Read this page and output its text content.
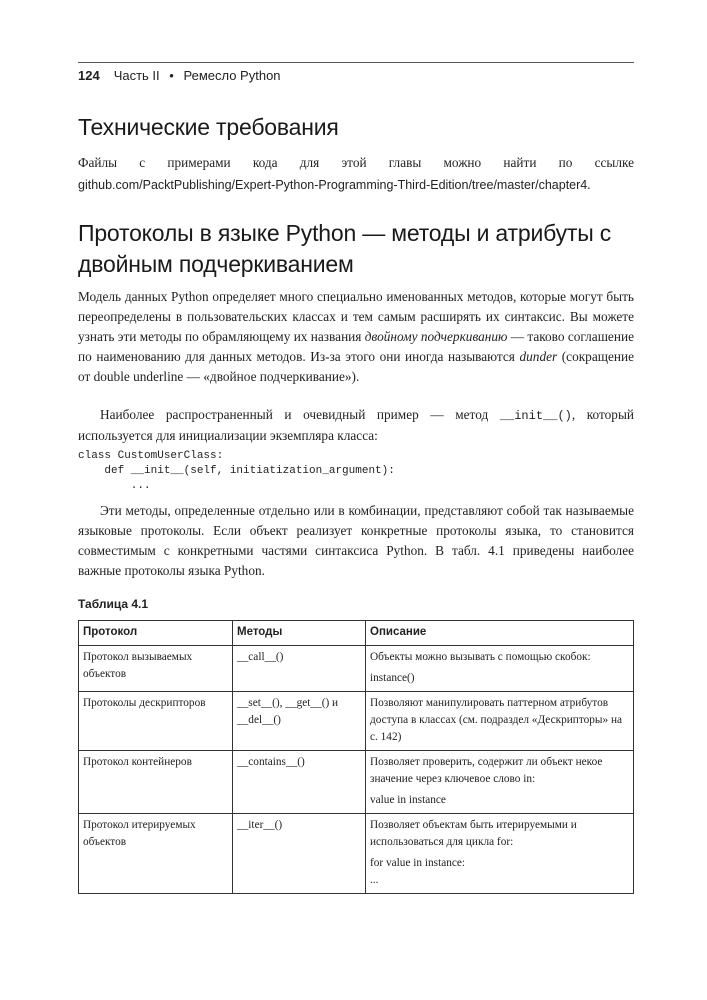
124 Часть II • Ремесло Python
Технические требования

Файлы с примерами кода для этой главы можно найти по ссылке github.com/PacktPublishing/Expert-Python-Programming-Third-Edition/tree/master/chapter4.

Протоколы в языке Python — методы и атрибуты с двойным подчеркиванием

Модель данных Python определяет много специально именованных методов, которые могут быть переопределены в пользовательских классах и тем самым расширять их синтаксис. Вы можете узнать эти методы по обрамляющему их названия двойному подчеркиванию — таково соглашение по наименованию для данных методов. Из-за этого они иногда называются dunder (сокращение от double underline — «двойное подчеркивание»).

Наиболее распространенный и очевидный пример — метод __init__(), который используется для инициализации экземпляра класса:

class CustomUserClass:
def __init__(self, initiatization_argument):
...

Эти методы, определенные отдельно или в комбинации, представляют собой так называемые языковые протоколы. Если объект реализует конкретные протоколы языка, то становится совместимым с конкретными частями синтаксиса Python. В табл. 4.1 приведены наиболее важные протоколы языка Python.

Таблица 4.1
Протокол	Методы	Описание
Протокол вызываемых объектов	__call__()	Объекты можно вызывать с помощью скобок:
instance()

Протоколы дескрипторов	__set__(), __get__() и __del__()	Позволяют манипулировать паттерном атрибутов доступа в классах (см. подраздел «Дескрипторы» на с. 142)

Протокол контейнеров	__contains__()	Позволяет проверить, содержит ли объект некое значение через ключевое слово in:
value in instance

Протокол итерируемых объектов	__iter__()	Позволяет объектам быть итерируемыми и использоваться для цикла for:
for value in instance:
...
